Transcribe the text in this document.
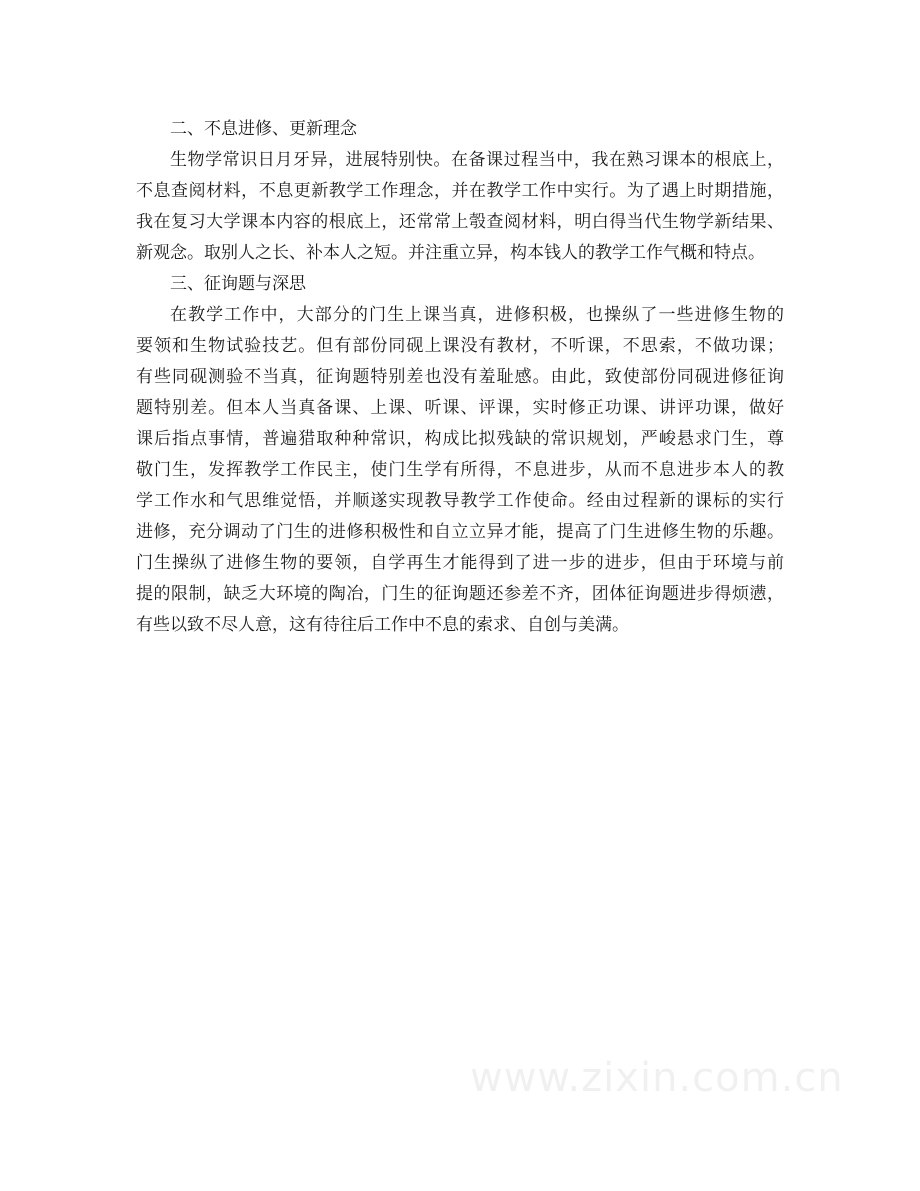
二、不息进修、更新理念

生物学常识日月牙异，进展特别快。在备课过程当中，我在熟习课本的根底上，
不息查阅材料，不息更新教学工作理念，并在教学工作中实行。为了遇上时期措施，
我在复习大学课本内容的根底上，还常常上彀查阅材料，明白得当代生物学新结果、
新观念。取别人之长、补本人之短。并注重立异，构本钱人的教学工作气概和特点。

三、征询题与深思

在教学工作中，大部分的门生上课当真，进修积极，也操纵了一些进修生物的
要领和生物试验技艺。但有部份同砚上课没有教材，不听课，不思索，不做功课；
有些同砚测验不当真，征询题特别差也没有羞耻感。由此，致使部份同砚进修征询
题特别差。但本人当真备课、上课、听课、评课，实时修正功课、讲评功课，做好
课后指点事情，普遍猎取种种常识，构成比拟残缺的常识规划，严峻悬求门生，尊
敬门生，发挥教学工作民主，使门生学有所得，不息进步，从而不息进步本人的教
学工作水和气思维觉悟，并顺遂实现教导教学工作使命。经由过程新的课标的实行
进修，充分调动了门生的进修积极性和自立立异才能，提高了门生进修生物的乐趣。
门生操纵了进修生物的要领，自学再生才能得到了进一步的进步，但由于环境与前
提的限制，缺乏大环境的陶冶，门生的征询题还参差不齐，团体征询题进步得烦懑，
有些以致不尽人意，这有待往后工作中不息的索求、自创与美满。

www.zixin.com.cn
